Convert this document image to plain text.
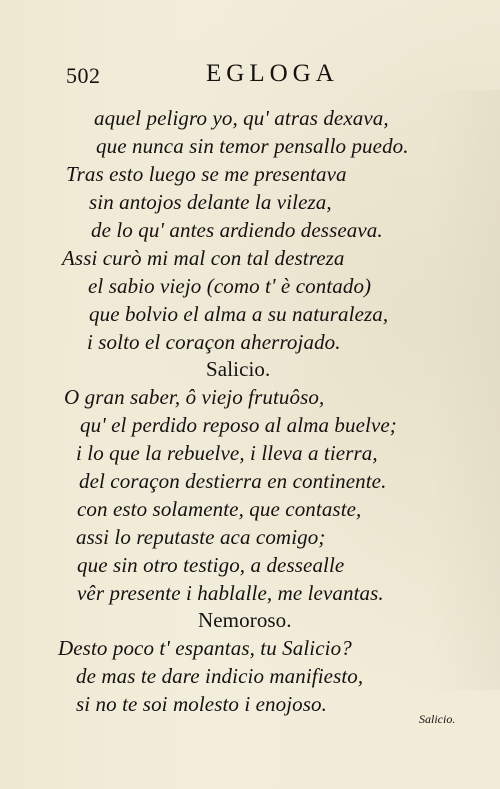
502	EGLOGA
aquel peligro yo, qu' atras dexava,
que nunca sin temor pensallo puedo.
Tras esto luego se me presentava
sin antojos delante la vileza,
de lo qu' antes ardiendo desseava.
Assi curò mi mal con tal destreza
el sabio viejo (como t' è contado)
que bolvio el alma a su naturaleza,
i solto el coraçon aherrojado.
Salicio.
O gran saber, ô viejo frutuôso,
qu' el perdido reposo al alma buelve;
i lo que la rebuelve, i lleva a tierra,
del coraçon destierra en continente.
con esto solamente, que contaste,
assi lo reputaste aca comigo;
que sin otro testigo, a dessealle
vêr presente i hablalle, me levantas.
Nemoroso.
Desto poco t' espantas, tu Salicio?
de mas te dare indicio manifiesto,
si no te soi molesto i enojoso.
Salicio.
